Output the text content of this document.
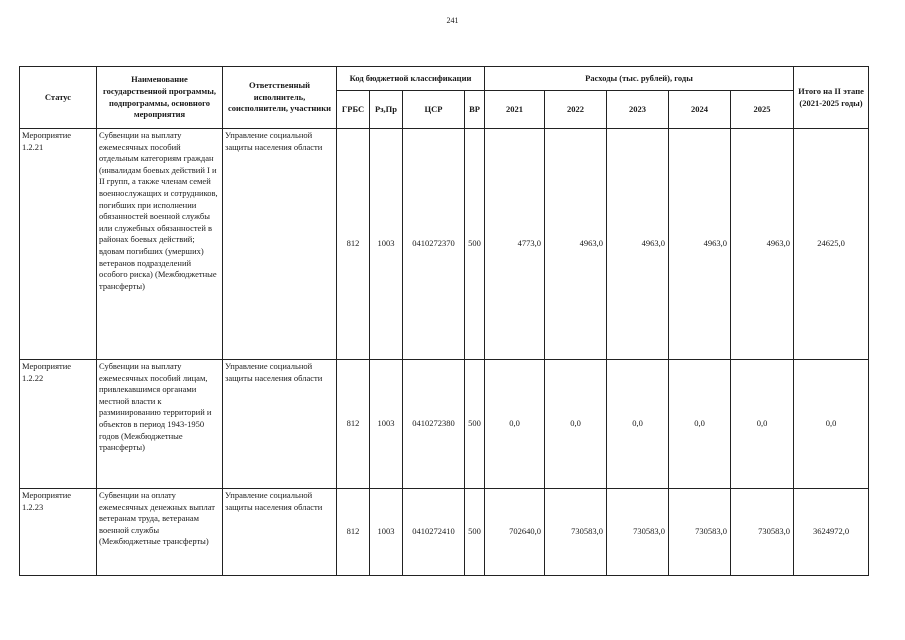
241
Статус	Наименование государственной программы, подпрограммы, основного мероприятия	Ответственный исполнитель, соисполнители, участники	Код бюджетной классификации				Расходы (тыс. рублей), годы					Итого на II этапе (2021-2025 годы)
			ГРБС	Рз,Пр	ЦСР	ВР	2021	2022	2023	2024	2025	
Мероприятие 1.2.21	Субвенции на выплату ежемесячных пособий отдельным категориям граждан (инвалидам боевых действий I и II групп, а также членам семей военнослужащих и сотрудников, погибших при исполнении обязанностей военной службы или служебных обязанностей в районах боевых действий; вдовам погибших (умерших) ветеранов подразделений особого риска) (Межбюджетные трансферты)	Управление социальной защиты населения области	812	1003	0410272370	500	4773,0	4963,0	4963,0	4963,0	4963,0	24625,0
Мероприятие 1.2.22	Субвенции на выплату ежемесячных пособий лицам, привлекавшимся органами местной власти к разминированию территорий и объектов в период 1943-1950 годов (Межбюджетные трансферты)	Управление социальной защиты населения области	812	1003	0410272380	500	0,0	0,0	0,0	0,0	0,0	0,0
Мероприятие 1.2.23	Субвенции на оплату ежемесячных денежных выплат ветеранам труда, ветеранам военной службы (Межбюджетные трансферты)	Управление социальной защиты населения области	812	1003	0410272410	500	702640,0	730583,0	730583,0	730583,0	730583,0	3624972,0
